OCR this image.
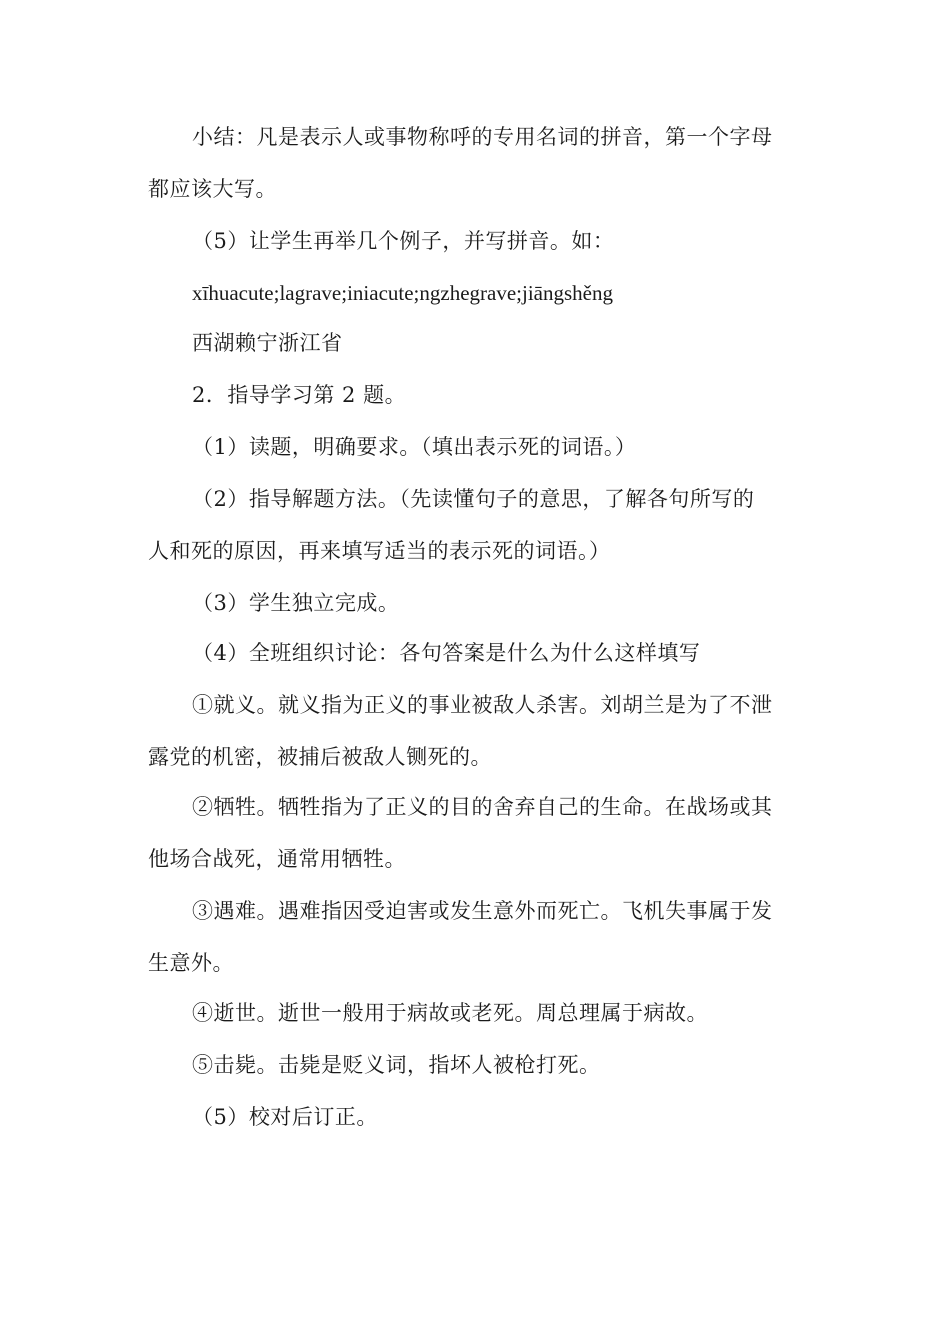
小结：凡是表示人或事物称呼的专用名词的拼音，第一个字母
都应该大写。
（5）让学生再举几个例子，并写拼音。如：
xīhuacute;lagrave;iniacute;ngzhegrave;jiāngshěng
西湖赖宁浙江省
2．指导学习第 2 题。
（1）读题，明确要求。（填出表示死的词语。）
（2）指导解题方法。（先读懂句子的意思，了解各句所写的
人和死的原因，再来填写适当的表示死的词语。）
（3）学生独立完成。
（4）全班组织讨论：各句答案是什么为什么这样填写
①就义。就义指为正义的事业被敌人杀害。刘胡兰是为了不泄
露党的机密，被捕后被敌人铡死的。
②牺牲。牺牲指为了正义的目的舍弃自己的生命。在战场或其
他场合战死，通常用牺牲。
③遇难。遇难指因受迫害或发生意外而死亡。飞机失事属于发
生意外。
④逝世。逝世一般用于病故或老死。周总理属于病故。
⑤击毙。击毙是贬义词，指坏人被枪打死。
（5）校对后订正。
